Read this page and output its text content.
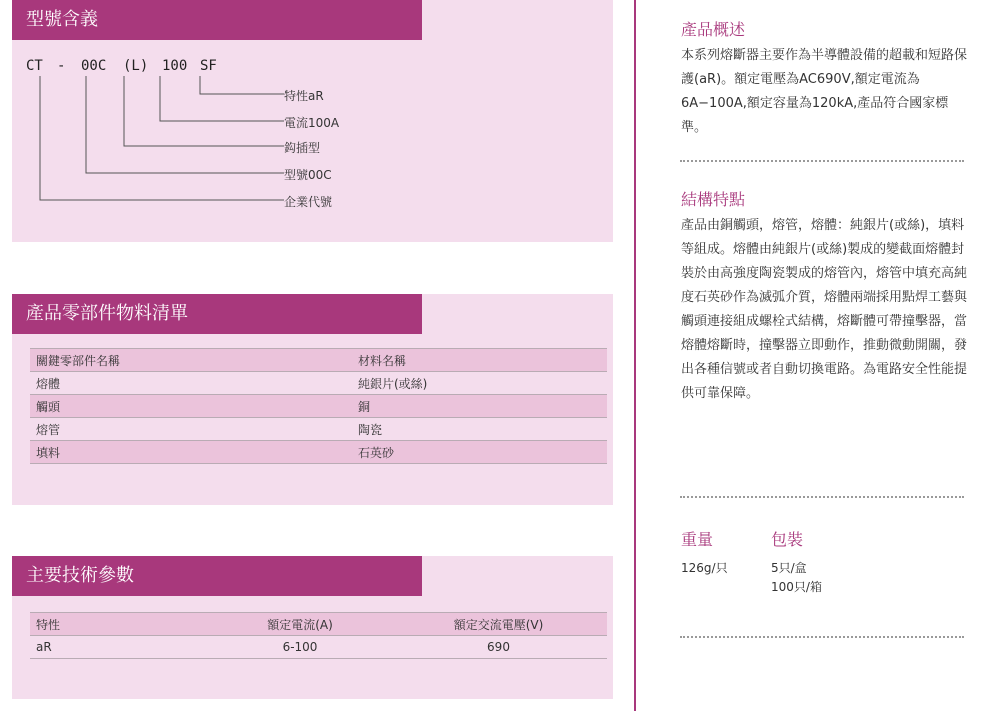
型號含義
CT - 00C (L) 100 SF
特性aR
電流100A
鈎插型
型號00C
企業代號
產品零部件物料清單
關鍵零部件名稱	材料名稱
熔體	純銀片(或絲)
觸頭	銅
熔管	陶瓷
填料	石英砂
主要技術參數
特性	額定電流(A)	額定交流電壓(V)
aR	6-100	690
產品概述
本系列熔斷器主要作為半導體設備的超載和短路保護(aR)。額定電壓為AC690V,額定電流為6A−100A,額定容量為120kA,產品符合國家標準。
結構特點
產品由銅觸頭，熔管，熔體：純銀片(或絲)，填料等組成。熔體由純銀片(或絲)製成的變截面熔體封裝於由高強度陶瓷製成的熔管內，熔管中填充高純度石英砂作為滅弧介質，熔體兩端採用點焊工藝與觸頭連接組成螺栓式結構，熔斷體可帶撞擊器，當熔體熔斷時，撞擊器立即動作，推動微動開關，發出各種信號或者自動切換電路。為電路安全性能提供可靠保障。
重量	包裝
126g/只	5只/盒
100只/箱
